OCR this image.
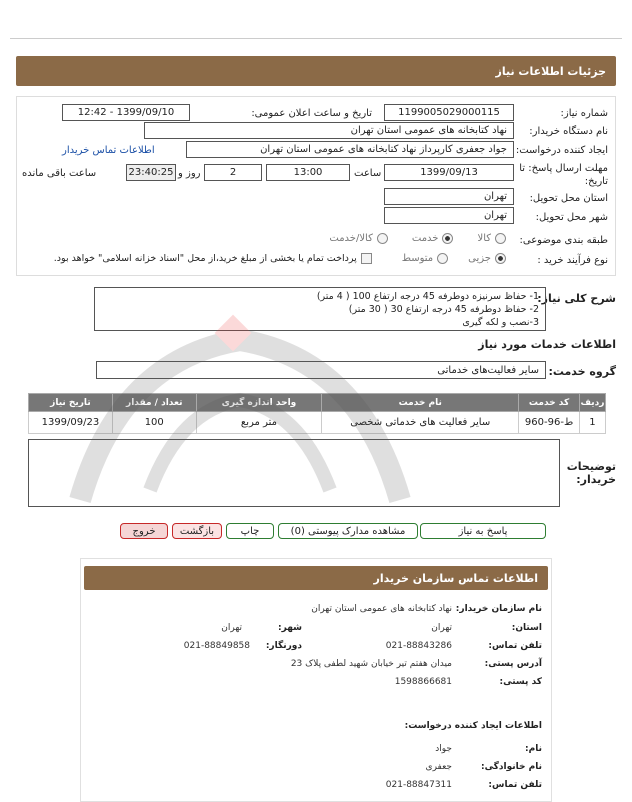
جزئیات اطلاعات نیاز
شماره نیاز:
1199005029000115
تاریخ و ساعت اعلان عمومی:
1399/09/10 - 12:42
نام دستگاه خریدار:
نهاد کتابخانه های عمومی استان تهران
ایجاد کننده درخواست:
جواد جعفری کارپرداز نهاد کتابخانه های عمومی استان تهران
اطلاعات تماس خریدار
مهلت ارسال پاسخ: تا تاریخ:
1399/09/13
ساعت
13:00
2
روز و
23:40:25
ساعت باقی مانده
استان محل تحویل:
تهران
شهر محل تحویل:
تهران
طبقه بندی موضوعی:
کالا
خدمت
کالا/خدمت
نوع فرآیند خرید :
جزیی
متوسط
پرداخت تمام یا بخشی از مبلغ خرید،از محل "اسناد خزانه اسلامی" خواهد بود.
شرح کلی نیاز:
1- حفاظ سرنیزه دوطرفه 45 درجه ارتفاع 100 ( 4 متر)
2- حفاظ دوطرفه 45 درجه ارتفاع 30 ( 30 متر)
3-نصب و لکه گیری
اطلاعات خدمات مورد نیاز
گروه خدمت:
سایر فعالیت‌های خدماتی
ردیف	کد خدمت	نام خدمت	واحد اندازه گیری	تعداد / مقدار	تاریخ نیاز
1	ط-96-960	سایر فعالیت های خدماتی شخصی	متر مربع	100	1399/09/23
توضیحات خریدار:
پاسخ به نیاز
مشاهده مدارک پیوستی (0)
چاپ
بازگشت
خروج
اطلاعات تماس سازمان خریدار
نام سازمان خریدار:
نهاد کتابخانه های عمومی استان تهران
استان:
تهران
شهر:
تهران
تلفن تماس:
021-88843286
دورنگار:
021-88849858
آدرس پستی:
میدان هفتم تیر خیابان شهید لطفی پلاک 23
کد پستی:
1598866681
اطلاعات ایجاد کننده درخواست:
نام:
جواد
نام خانوادگی:
جعفری
تلفن تماس:
021-88847311
